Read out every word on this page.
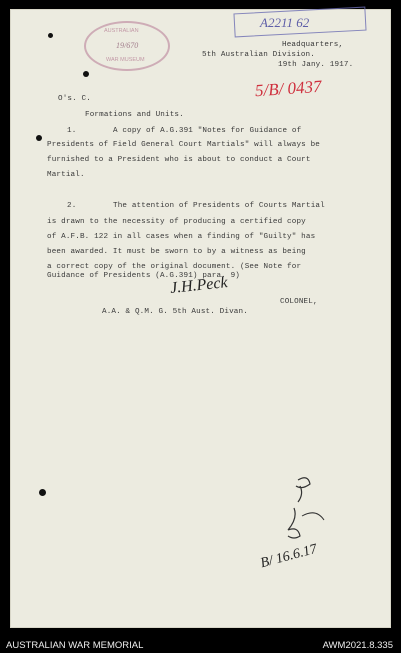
AUSTRALIAN
19/670
WAR MUSEUM
A2211 62
Headquarters,
5th Australian Division.
19th Jany. 1917.
5/B/ 0437
O's. C.
Formations and Units.
1.	A copy of A.G.391 "Notes for Guidance of
Presidents of Field General Court Martials" will always be
furnished to a President who is about to conduct a Court
Martial.
2.	The attention of Presidents of Courts Martial
is drawn to the necessity of producing a certified copy
of A.F.B. 122 in all cases when a finding of "Guilty" has
been awarded. It must be sworn to by a witness as being
a correct copy of the original document. (See Note for
Guidance of Presidents (A.G.391) para. 9)
J.H.Peck
COLONEL,
A.A. & Q.M. G. 5th Aust. Divan.
B/ 16.6.17
AUSTRALIAN WAR MEMORIAL	AWM2021.8.335
